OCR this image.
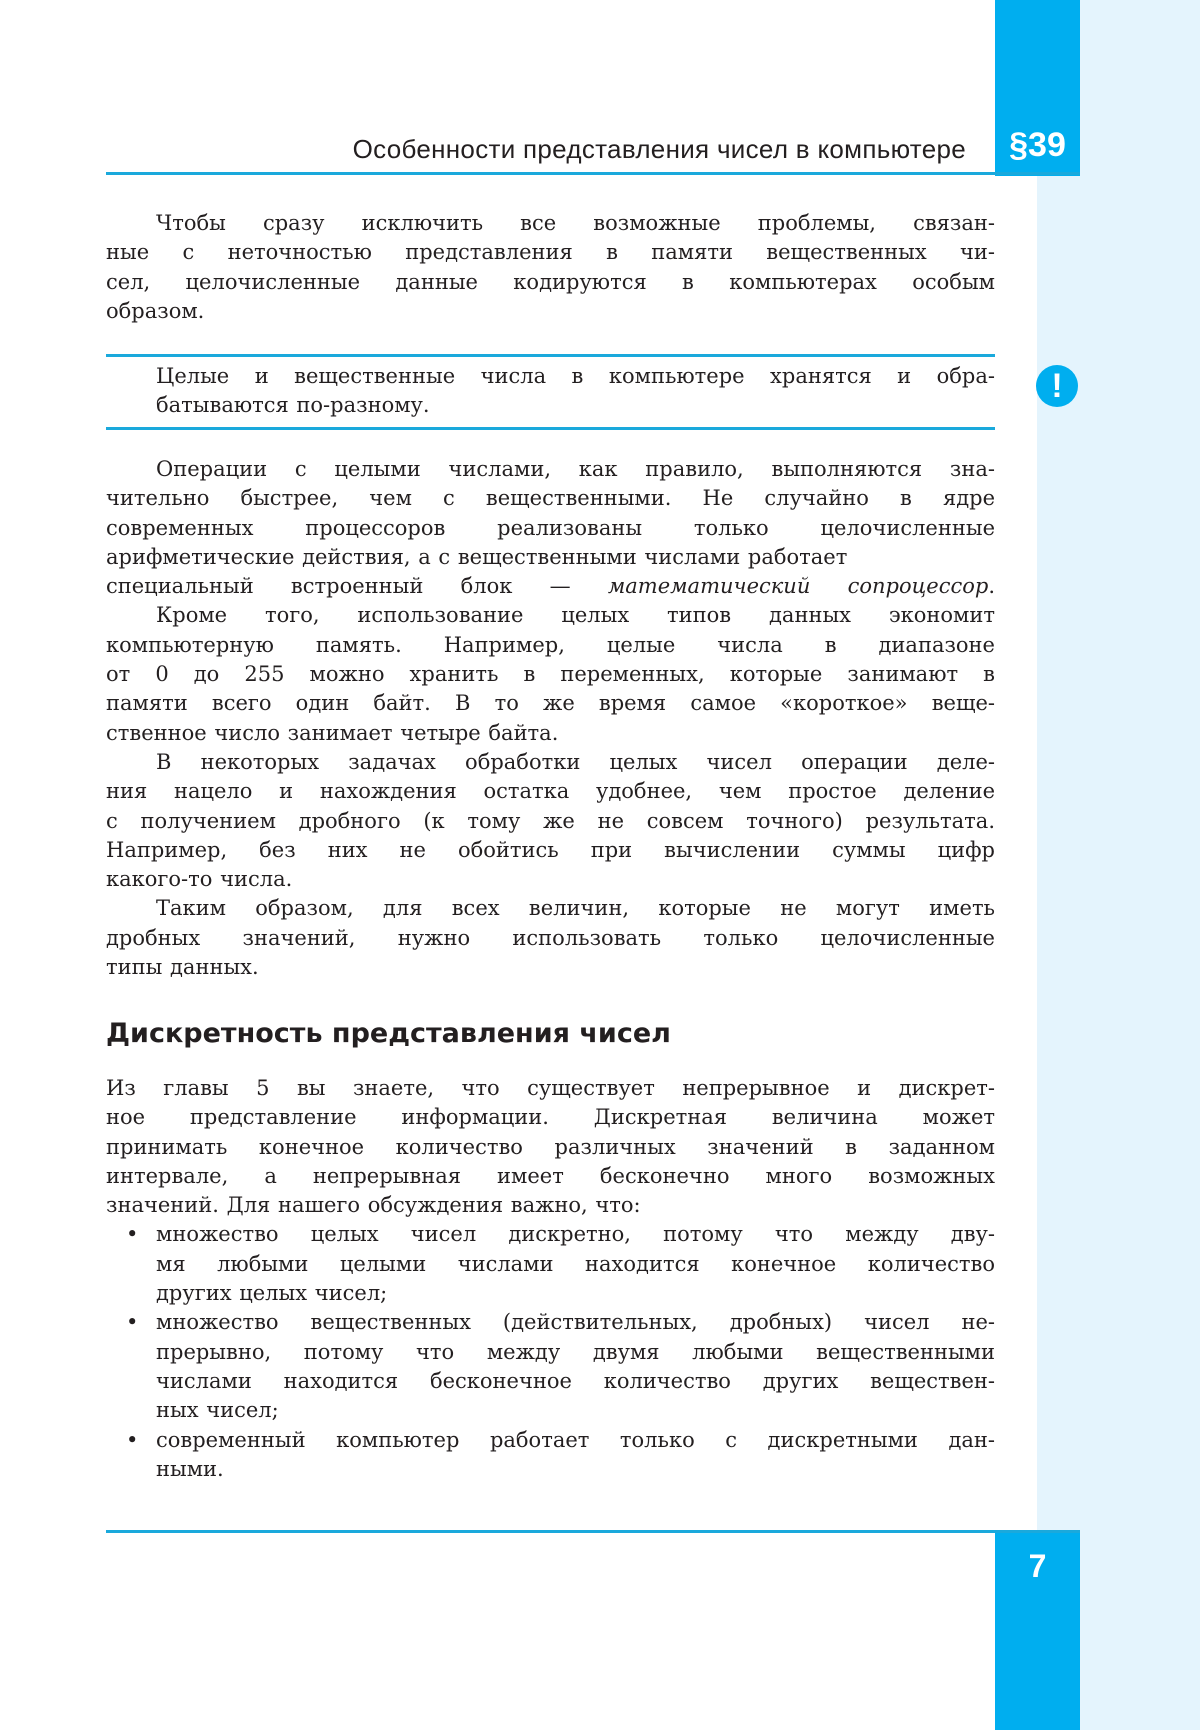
Особенности представления чисел в компьютере	§39
7
!
Чтобы сразу исключить все возможные проблемы, связан-
ные с неточностью представления в памяти вещественных чи-
сел, целочисленные данные кодируются в компьютерах особым
образом.
Целые и вещественные числа в компьютере хранятся и обра-
батываются по-разному.
Операции с целыми числами, как правило, выполняются зна-
чительно быстрее, чем с вещественными. Не случайно в ядре
современных процессоров реализованы только целочисленные
арифметические действия, а с вещественными числами работает
специальный встроенный блок — математический сопроцессор.
Кроме того, использование целых типов данных экономит
компьютерную память. Например, целые числа в диапазоне
от 0 до 255 можно хранить в переменных, которые занимают в
памяти всего один байт. В то же время самое «короткое» веще-
ственное число занимает четыре байта.
В некоторых задачах обработки целых чисел операции деле-
ния нацело и нахождения остатка удобнее, чем простое деление
с получением дробного (к тому же не совсем точного) результата.
Например, без них не обойтись при вычислении суммы цифр
какого-то числа.
Таким образом, для всех величин, которые не могут иметь
дробных значений, нужно использовать только целочисленные
типы данных.
Дискретность представления чисел
Из главы 5 вы знаете, что существует непрерывное и дискрет-
ное представление информации. Дискретная величина может
принимать конечное количество различных значений в заданном
интервале, а непрерывная имеет бесконечно много возможных
значений. Для нашего обсуждения важно, что:
множество целых чисел дискретно, потому что между дву-
•
мя любыми целыми числами находится конечное количество
других целых чисел;
множество вещественных (действительных, дробных) чисел не-
•
прерывно, потому что между двумя любыми вещественными
числами находится бесконечное количество других веществен-
ных чисел;
современный компьютер работает только с дискретными дан-
•
ными.
